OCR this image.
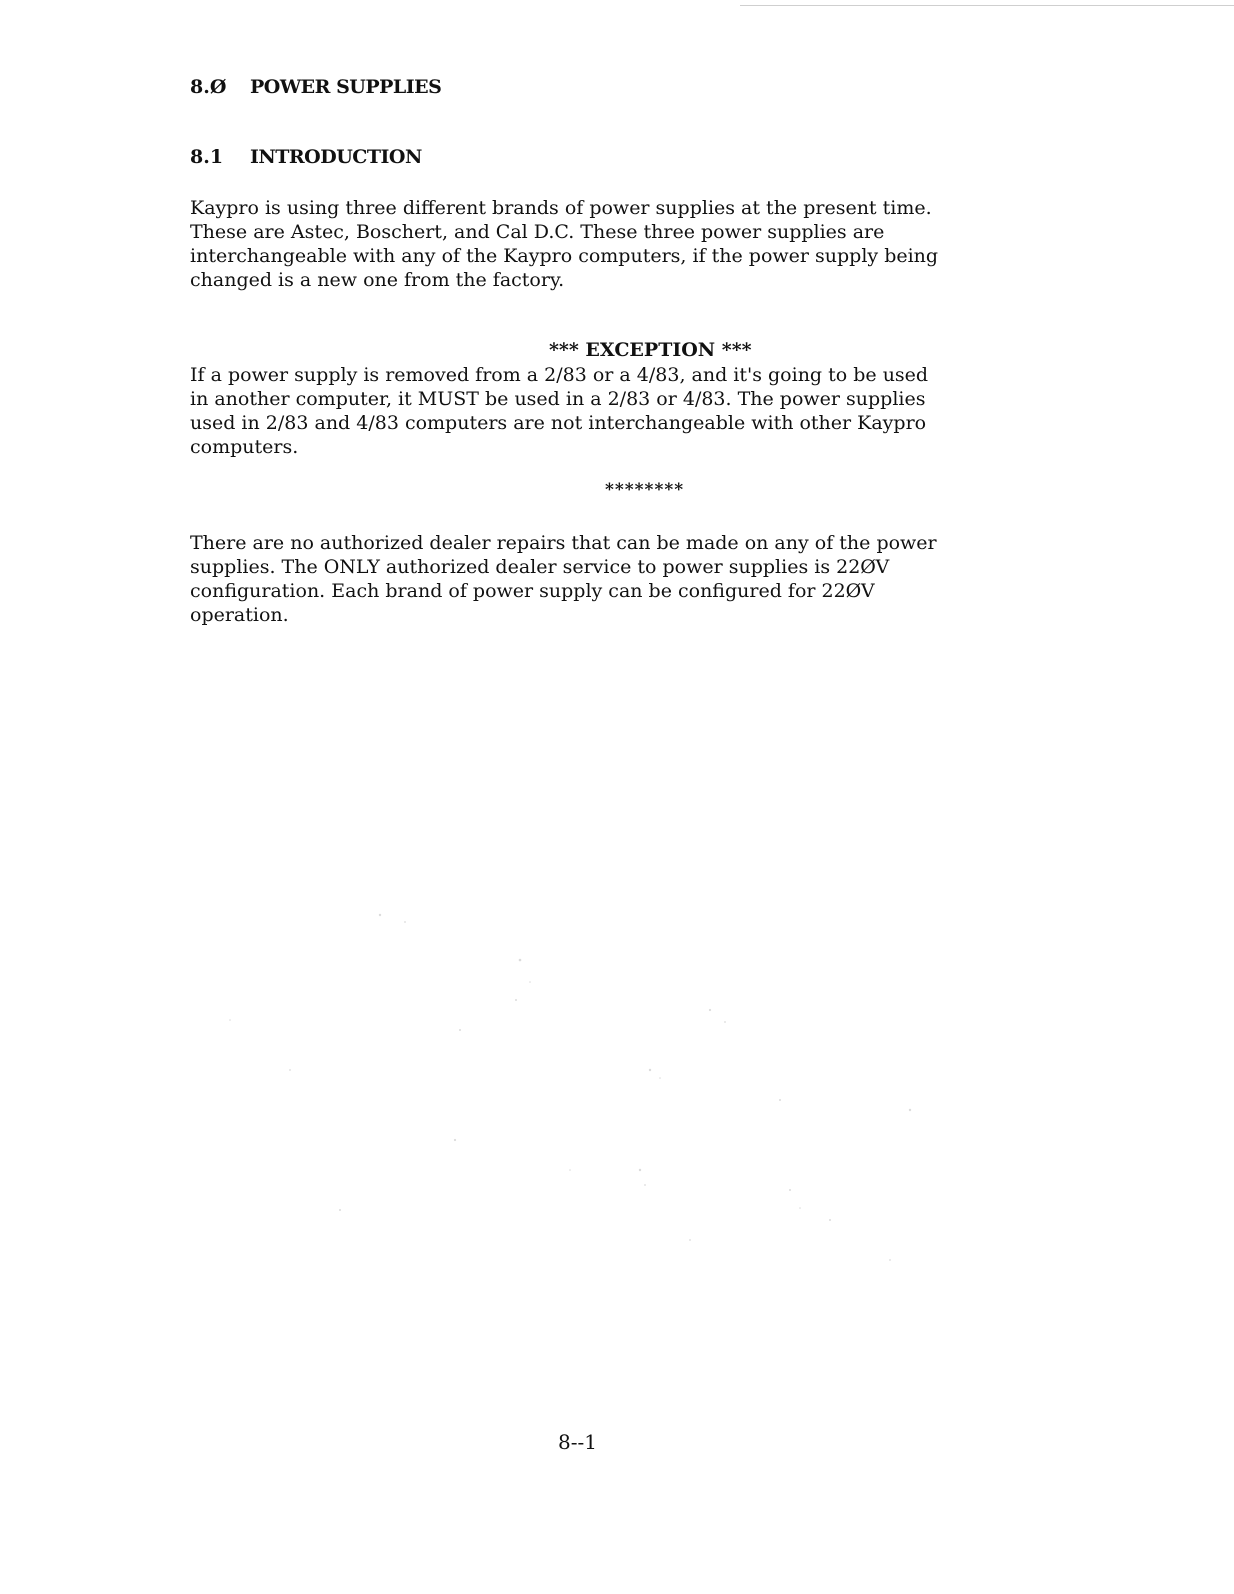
8.Ø POWER SUPPLIES
8.1 INTRODUCTION

Kaypro is using three different brands of power supplies at the present time.
These are Astec, Boschert, and Cal D.C. These three power supplies are
interchangeable with any of the Kaypro computers, if the power supply being
changed is a new one from the factory.

*** EXCEPTION ***

If a power supply is removed from a 2/83 or a 4/83, and it's going to be used
in another computer, it MUST be used in a 2/83 or 4/83. The power supplies
used in 2/83 and 4/83 computers are not interchangeable with other Kaypro
computers.

********

There are no authorized dealer repairs that can be made on any of the power
supplies. The ONLY authorized dealer service to power supplies is 22ØV
configuration. Each brand of power supply can be configured for 22ØV
operation.

8--1
